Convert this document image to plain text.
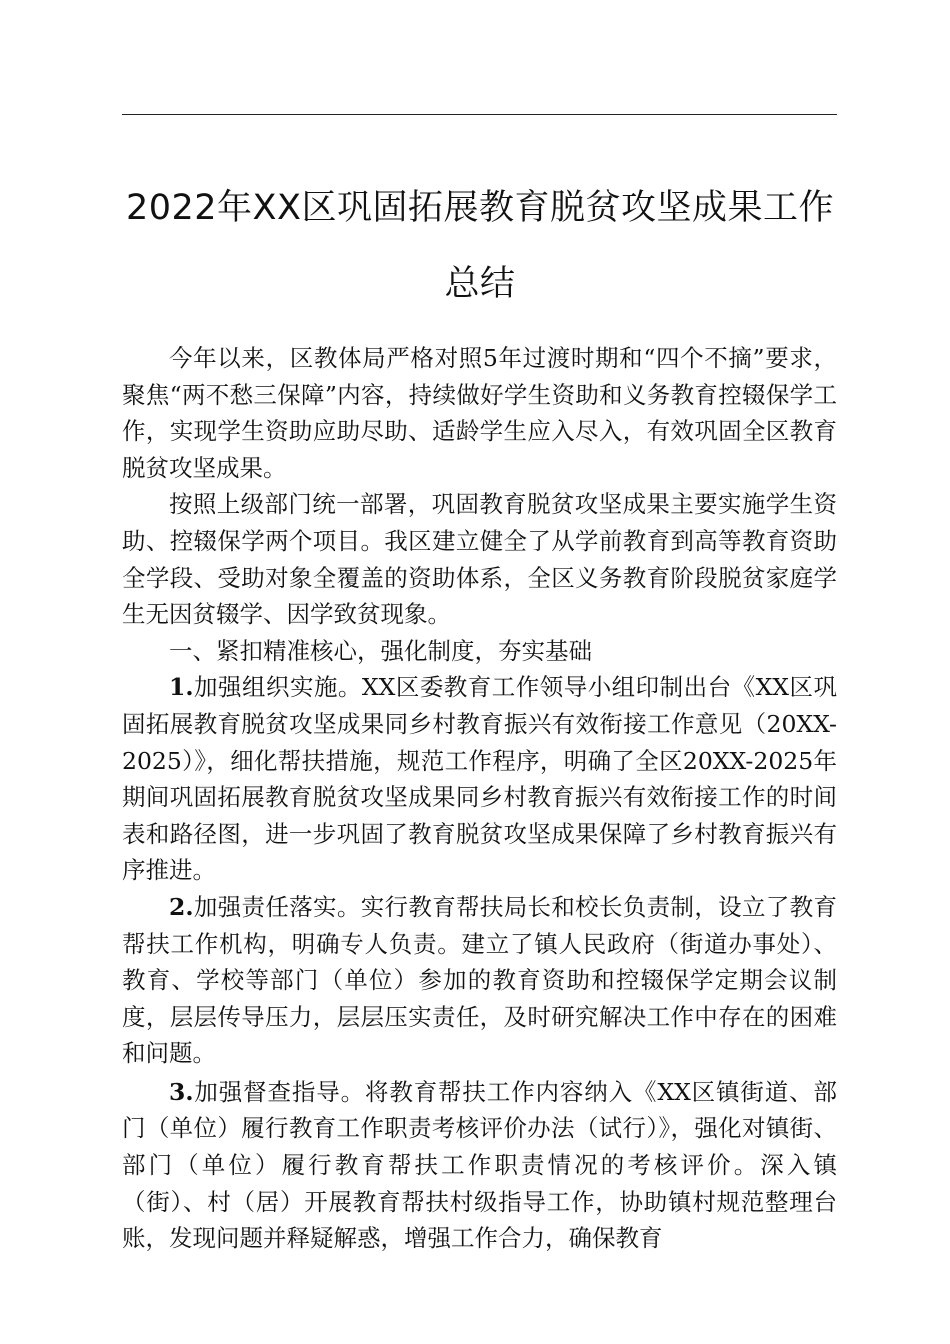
2022年XX区巩固拓展教育脱贫攻坚成果工作
总结

今年以来，区教体局严格对照5年过渡时期和“四个不摘”要求，聚焦“两不愁三保障”内容，持续做好学生资助和义务教育控辍保学工作，实现学生资助应助尽助、适龄学生应入尽入，有效巩固全区教育脱贫攻坚成果。

按照上级部门统一部署，巩固教育脱贫攻坚成果主要实施学生资助、控辍保学两个项目。我区建立健全了从学前教育到高等教育资助全学段、受助对象全覆盖的资助体系，全区义务教育阶段脱贫家庭学生无因贫辍学、因学致贫现象。

一、紧扣精准核心，强化制度，夯实基础

1.加强组织实施。XX区委教育工作领导小组印制出台《XX区巩固拓展教育脱贫攻坚成果同乡村教育振兴有效衔接工作意见（20XX-2025）》，细化帮扶措施，规范工作程序，明确了全区20XX-2025年期间巩固拓展教育脱贫攻坚成果同乡村教育振兴有效衔接工作的时间表和路径图，进一步巩固了教育脱贫攻坚成果保障了乡村教育振兴有序推进。

2.加强责任落实。实行教育帮扶局长和校长负责制，设立了教育帮扶工作机构，明确专人负责。建立了镇人民政府（街道办事处）、教育、学校等部门（单位）参加的教育资助和控辍保学定期会议制度，层层传导压力，层层压实责任，及时研究解决工作中存在的困难和问题。

3.加强督查指导。将教育帮扶工作内容纳入《XX区镇街道、部门（单位）履行教育工作职责考核评价办法（试行）》，强化对镇街、部门（单位）履行教育帮扶工作职责情况的考核评价。深入镇（街）、村（居）开展教育帮扶村级指导工作，协助镇村规范整理台账，发现问题并释疑解惑，增强工作合力，确保教育
